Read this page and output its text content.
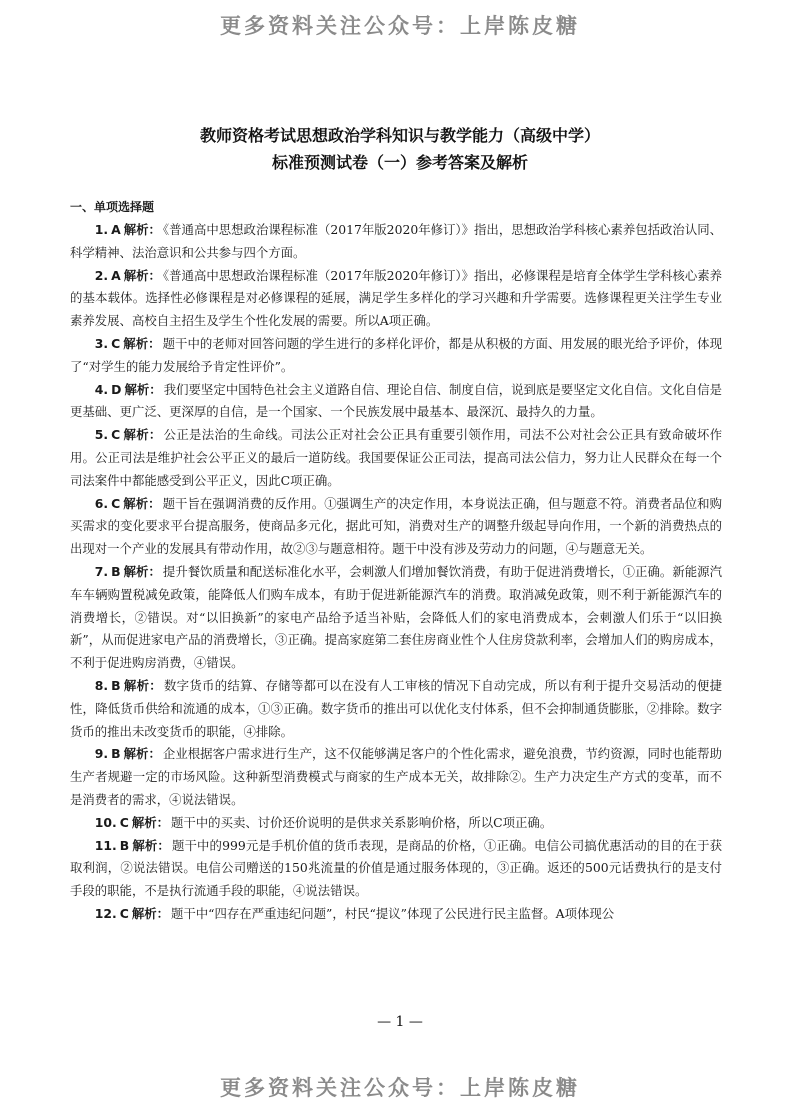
更多资料关注公众号：上岸陈皮糖
教师资格考试思想政治学科知识与教学能力（高级中学）
标准预测试卷（一）参考答案及解析
一、单项选择题

1. A 解析： 《普通高中思想政治课程标准（2017年版2020年修订）》指出，思想政治学科核心素养包括政治认同、科学精神、法治意识和公共参与四个方面。

2. A 解析： 《普通高中思想政治课程标准（2017年版2020年修订）》指出，必修课程是培育全体学生学科核心素养的基本载体。选择性必修课程是对必修课程的延展，满足学生多样化的学习兴趣和升学需要。选修课程更关注学生专业素养发展、高校自主招生及学生个性化发展的需要。所以A项正确。

3. C 解析： 题干中的老师对回答问题的学生进行的多样化评价，都是从积极的方面、用发展的眼光给予评价，体现了“对学生的能力发展给予肯定性评价”。

4. D 解析： 我们要坚定中国特色社会主义道路自信、理论自信、制度自信，说到底是要坚定文化自信。文化自信是更基础、更广泛、更深厚的自信，是一个国家、一个民族发展中最基本、最深沉、最持久的力量。

5. C 解析： 公正是法治的生命线。司法公正对社会公正具有重要引领作用，司法不公对社会公正具有致命破坏作用。公正司法是维护社会公平正义的最后一道防线。我国要保证公正司法，提高司法公信力，努力让人民群众在每一个司法案件中都能感受到公平正义，因此C项正确。

6. C 解析： 题干旨在强调消费的反作用。①强调生产的决定作用，本身说法正确，但与题意不符。消费者品位和购买需求的变化要求平台提高服务，使商品多元化，据此可知，消费对生产的调整升级起导向作用，一个新的消费热点的出现对一个产业的发展具有带动作用，故②③与题意相符。题干中没有涉及劳动力的问题，④与题意无关。

7. B 解析： 提升餐饮质量和配送标准化水平，会刺激人们增加餐饮消费，有助于促进消费增长，①正确。新能源汽车车辆购置税减免政策，能降低人们购车成本，有助于促进新能源汽车的消费。取消减免政策，则不利于新能源汽车的消费增长，②错误。对“以旧换新”的家电产品给予适当补贴，会降低人们的家电消费成本，会刺激人们乐于“以旧换新”，从而促进家电产品的消费增长，③正确。提高家庭第二套住房商业性个人住房贷款利率，会增加人们的购房成本，不利于促进购房消费，④错误。

8. B 解析： 数字货币的结算、存储等都可以在没有人工审核的情况下自动完成，所以有利于提升交易活动的便捷性，降低货币供给和流通的成本，①③正确。数字货币的推出可以优化支付体系，但不会抑制通货膨胀，②排除。数字货币的推出未改变货币的职能，④排除。

9. B 解析： 企业根据客户需求进行生产，这不仅能够满足客户的个性化需求，避免浪费，节约资源，同时也能帮助生产者规避一定的市场风险。这种新型消费模式与商家的生产成本无关，故排除②。生产力决定生产方式的变革，而不是消费者的需求，④说法错误。

10. C 解析： 题干中的买卖、讨价还价说明的是供求关系影响价格，所以C项正确。

11. B 解析： 题干中的999元是手机价值的货币表现，是商品的价格，①正确。电信公司搞优惠活动的目的在于获取利润，②说法错误。电信公司赠送的150兆流量的价值是通过服务体现的，③正确。返还的500元话费执行的是支付手段的职能，不是执行流通手段的职能，④说法错误。

12. C 解析： 题干中“四存在严重违纪问题”，村民“提议”体现了公民进行民主监督。A项体现公

— 1 —
更多资料关注公众号：上岸陈皮糖
